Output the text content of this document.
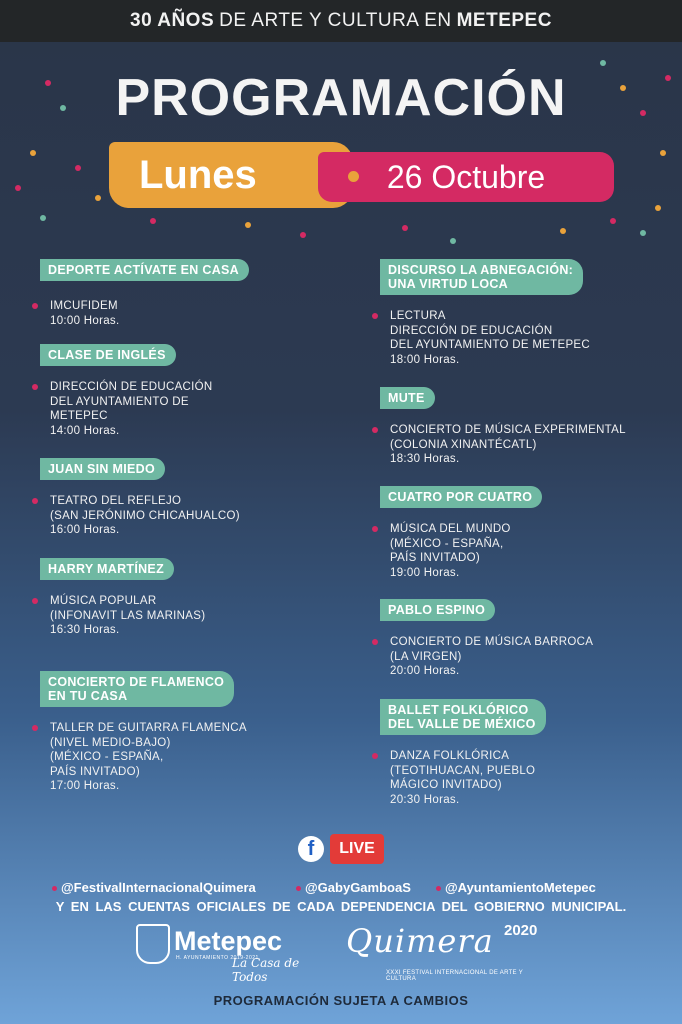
30 AÑOS DE ARTE Y CULTURA EN METEPEC
PROGRAMACIÓN
Lunes	26 Octubre
DEPORTE ACTÍVATE EN CASA
IMCUFIDEM
10:00 Horas.
CLASE DE INGLÉS
DIRECCIÓN DE EDUCACIÓN
DEL AYUNTAMIENTO DE
METEPEC
14:00 Horas.
JUAN SIN MIEDO
TEATRO DEL REFLEJO
(SAN JERÓNIMO CHICAHUALCO)
16:00 Horas.
HARRY MARTÍNEZ
MÚSICA POPULAR
(INFONAVIT LAS MARINAS)
16:30 Horas.
CONCIERTO DE FLAMENCO
EN TU CASA
TALLER DE GUITARRA FLAMENCA
(NIVEL MEDIO-BAJO)
(MÉXICO - ESPAÑA,
PAÍS INVITADO)
17:00 Horas.
DISCURSO LA ABNEGACIÓN:
UNA VIRTUD LOCA
LECTURA
DIRECCIÓN DE EDUCACIÓN
DEL AYUNTAMIENTO DE METEPEC
18:00 Horas.
MUTE
CONCIERTO DE MÚSICA EXPERIMENTAL
(COLONIA XINANTÉCATL)
18:30 Horas.
CUATRO POR CUATRO
MÚSICA DEL MUNDO
(MÉXICO - ESPAÑA,
PAÍS INVITADO)
19:00 Horas.
PABLO ESPINO
CONCIERTO DE MÚSICA BARROCA
(LA VIRGEN)
20:00 Horas.
BALLET FOLKLÓRICO
DEL VALLE DE MÉXICO
DANZA FOLKLÓRICA
(TEOTIHUACAN, PUEBLO
MÁGICO INVITADO)
20:30 Horas.
f	LIVE
@FestivalInternacionalQuimera	@GabyGamboaS	@AyuntamientoMetepec
Y EN LAS CUENTAS OFICIALES DE CADA DEPENDENCIA DEL GOBIERNO MUNICIPAL.
Metepec
H. AYUNTAMIENTO 2019-2021
La Casa de Todos
Quimera 2020
XXXI FESTIVAL INTERNACIONAL DE ARTE Y CULTURA
PROGRAMACIÓN SUJETA A CAMBIOS
